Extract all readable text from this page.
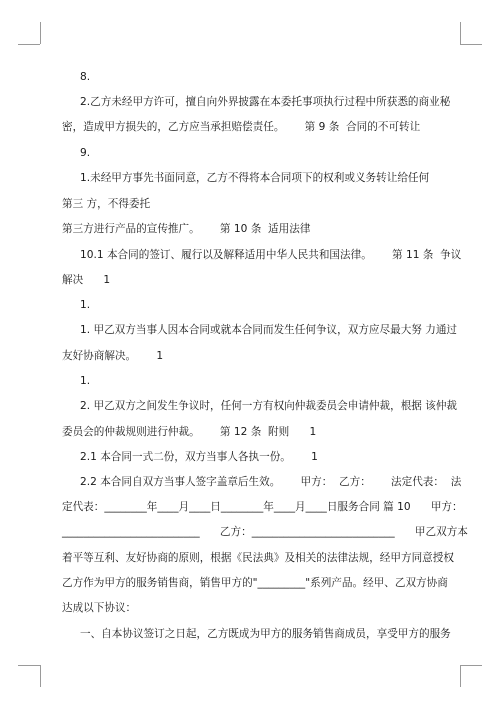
8.
2.乙方未经甲方许可，擅自向外界披露在本委托事项执行过程中所获悉的商业秘
密，造成甲方损失的，乙方应当承担赔偿责任。      第 9 条  合同的不可转让
9.
1.未经甲方事先书面同意，乙方不得将本合同项下的权利或义务转让给任何
第三 方，不得委托
第三方进行产品的宣传推广。      第 10 条  适用法律
10.1 本合同的签订、履行以及解释适用中华人民共和国法律。      第 11 条  争议
解决      1
1.
1. 甲乙双方当事人因本合同或就本合同而发生任何争议，双方应尽最大努 力通过
友好协商解决。      1
1.
2. 甲乙双方之间发生争议时，任何一方有权向仲裁委员会申请仲裁，根据 该仲裁
委员会的仲裁规则进行仲裁。      第 12 条  附则      1
2.1 本合同一式二份，双方当事人各执一份。      1
2.2 本合同自双方当事人签字盖章后生效。      甲方：  乙方：      法定代表：  法
定代表：________年____月____日________年____月____日服务合同 篇 10      甲方：
__________________________      乙方：___________________________      甲乙双方本
着平等互利、友好协商的原则，根据《民法典》及相关的法律法规，经甲方同意授权
乙方作为甲方的服务销售商，销售甲方的"_________"系列产品。经甲、乙双方协商
达成以下协议：
一、自本协议签订之日起，乙方既成为甲方的服务销售商成员，享受甲方的服务
